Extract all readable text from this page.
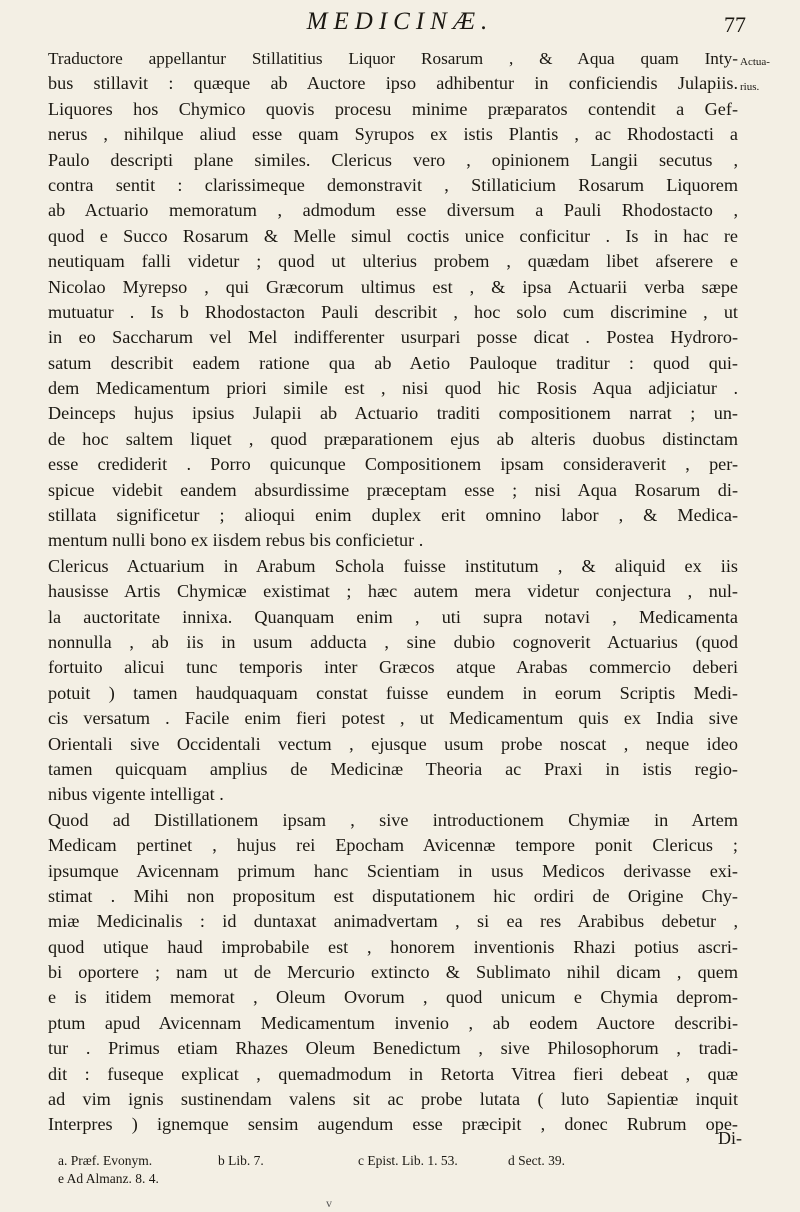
MEDICINÆ.	77
Actua-
rius.
Traductore appellantur Stillatitius Liquor Rosarum , & Aqua quam Inty-
bus stillavit : quæque ab Auctore ipso adhibentur in conficiendis Julapiis.
Liquores hos Chymico quovis procesu minime præparatos contendit a Gef-
nerus , nihilque aliud esse quam Syrupos ex istis Plantis , ac Rhodostacti a
Paulo descripti plane similes. Clericus vero , opinionem Langii secutus ,
contra sentit : clarissimeque demonstravit , Stillaticium Rosarum Liquorem
ab Actuario memoratum , admodum esse diversum a Pauli Rhodostacto ,
quod e Succo Rosarum & Melle simul coctis unice conficitur . Is in hac re
neutiquam falli videtur ; quod ut ulterius probem , quædam libet afserere e
Nicolao Myrepso , qui Græcorum ultimus est , & ipsa Actuarii verba sæpe
mutuatur . Is b Rhodostacton Pauli describit , hoc solo cum discrimine , ut
in eo Saccharum vel Mel indifferenter usurpari posse dicat . Postea Hydroro-
satum describit eadem ratione qua ab Aetio Pauloque traditur : quod qui-
dem Medicamentum priori simile est , nisi quod hic Rosis Aqua adjiciatur .
Deinceps hujus ipsius Julapii ab Actuario traditi compositionem narrat ; un-
de hoc saltem liquet , quod præparationem ejus ab alteris duobus distinctam
esse crediderit . Porro quicunque Compositionem ipsam consideraverit , per-
spicue videbit eandem absurdissime præceptam esse ; nisi Aqua Rosarum di-
stillata significetur ; alioqui enim duplex erit omnino labor , & Medica-
mentum nulli bono ex iisdem rebus bis conficietur .
Clericus Actuarium in Arabum Schola fuisse institutum , & aliquid ex iis
hausisse Artis Chymicæ existimat ; hæc autem mera videtur conjectura , nul-
la auctoritate innixa. Quanquam enim , uti supra notavi , Medicamenta
nonnulla , ab iis in usum adducta , sine dubio cognoverit Actuarius (quod
fortuito alicui tunc temporis inter Græcos atque Arabas commercio deberi
potuit ) tamen haudquaquam constat fuisse eundem in eorum Scriptis Medi-
cis versatum . Facile enim fieri potest , ut Medicamentum quis ex India sive
Orientali sive Occidentali vectum , ejusque usum probe noscat , neque ideo
tamen quicquam amplius de Medicinæ Theoria ac Praxi in istis regio-
nibus vigente intelligat .
Quod ad Distillationem ipsam , sive introductionem Chymiæ in Artem
Medicam pertinet , hujus rei Epocham Avicennæ tempore ponit Clericus ;
ipsumque Avicennam primum hanc Scientiam in usus Medicos derivasse exi-
stimat . Mihi non propositum est disputationem hic ordiri de Origine Chy-
miæ Medicinalis : id duntaxat animadvertam , si ea res Arabibus debetur ,
quod utique haud improbabile est , honorem inventionis Rhazi potius ascri-
bi oportere ; nam ut de Mercurio extincto & Sublimato nihil dicam , quem
e is itidem memorat , Oleum Ovorum , quod unicum e Chymia deprom-
ptum apud Avicennam Medicamentum invenio , ab eodem Auctore describi-
tur . Primus etiam Rhazes Oleum Benedictum , sive Philosophorum , tradi-
dit : fuseque explicat , quemadmodum in Retorta Vitrea fieri debeat , quæ
ad vim ignis sustinendam valens sit ac probe lutata ( luto Sapientiæ inquit
Interpres ) ignemque sensim augendum esse præcipit , donec Rubrum ope-
Di-
a. Præf. Evonym.	b Lib. 7.	c Epist. Lib. 1. 53.	d Sect. 39.
e Ad Almanz. 8. 4.
v
